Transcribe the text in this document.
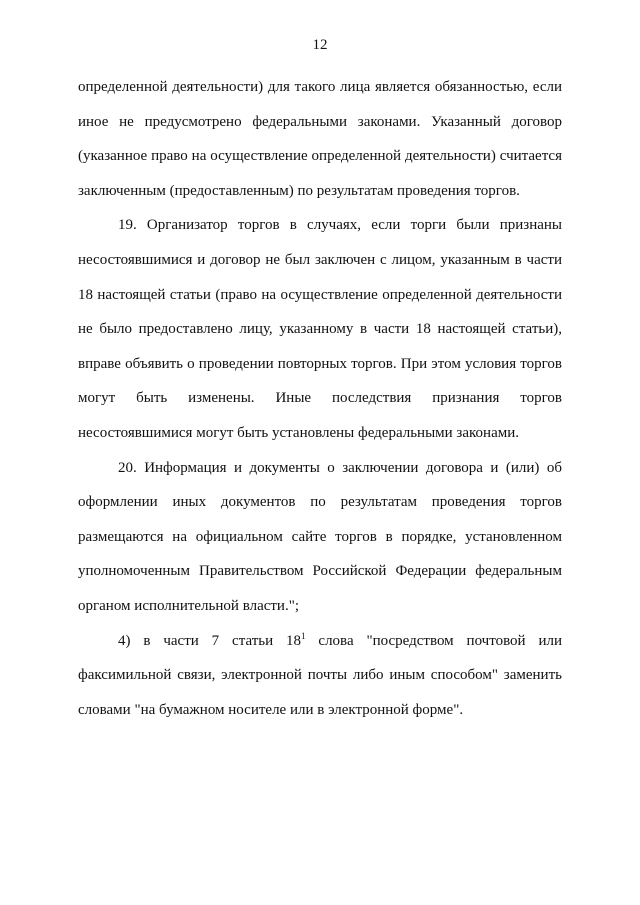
12
определенной деятельности) для такого лица является обязанностью, если
иное не предусмотрено федеральными законами. Указанный договор
(указанное право на осуществление определенной деятельности) считается
заключенным (предоставленным) по результатам проведения торгов.
19. Организатор торгов в случаях, если торги были признаны
несостоявшимися и договор не был заключен с лицом, указанным в части
18 настоящей статьи (право на осуществление определенной деятельности
не было предоставлено лицу, указанному в части 18 настоящей статьи),
вправе объявить о проведении повторных торгов. При этом условия торгов
могут быть изменены. Иные последствия признания торгов
несостоявшимися могут быть установлены федеральными законами.
20. Информация и документы о заключении договора и (или) об
оформлении иных документов по результатам проведения торгов
размещаются на официальном сайте торгов в порядке, установленном
уполномоченным Правительством Российской Федерации федеральным
органом исполнительной власти.";
4) в части 7 статьи $18^1$ слова "посредством почтовой или
факсимильной связи, электронной почты либо иным способом" заменить
словами "на бумажном носителе или в электронной форме".
